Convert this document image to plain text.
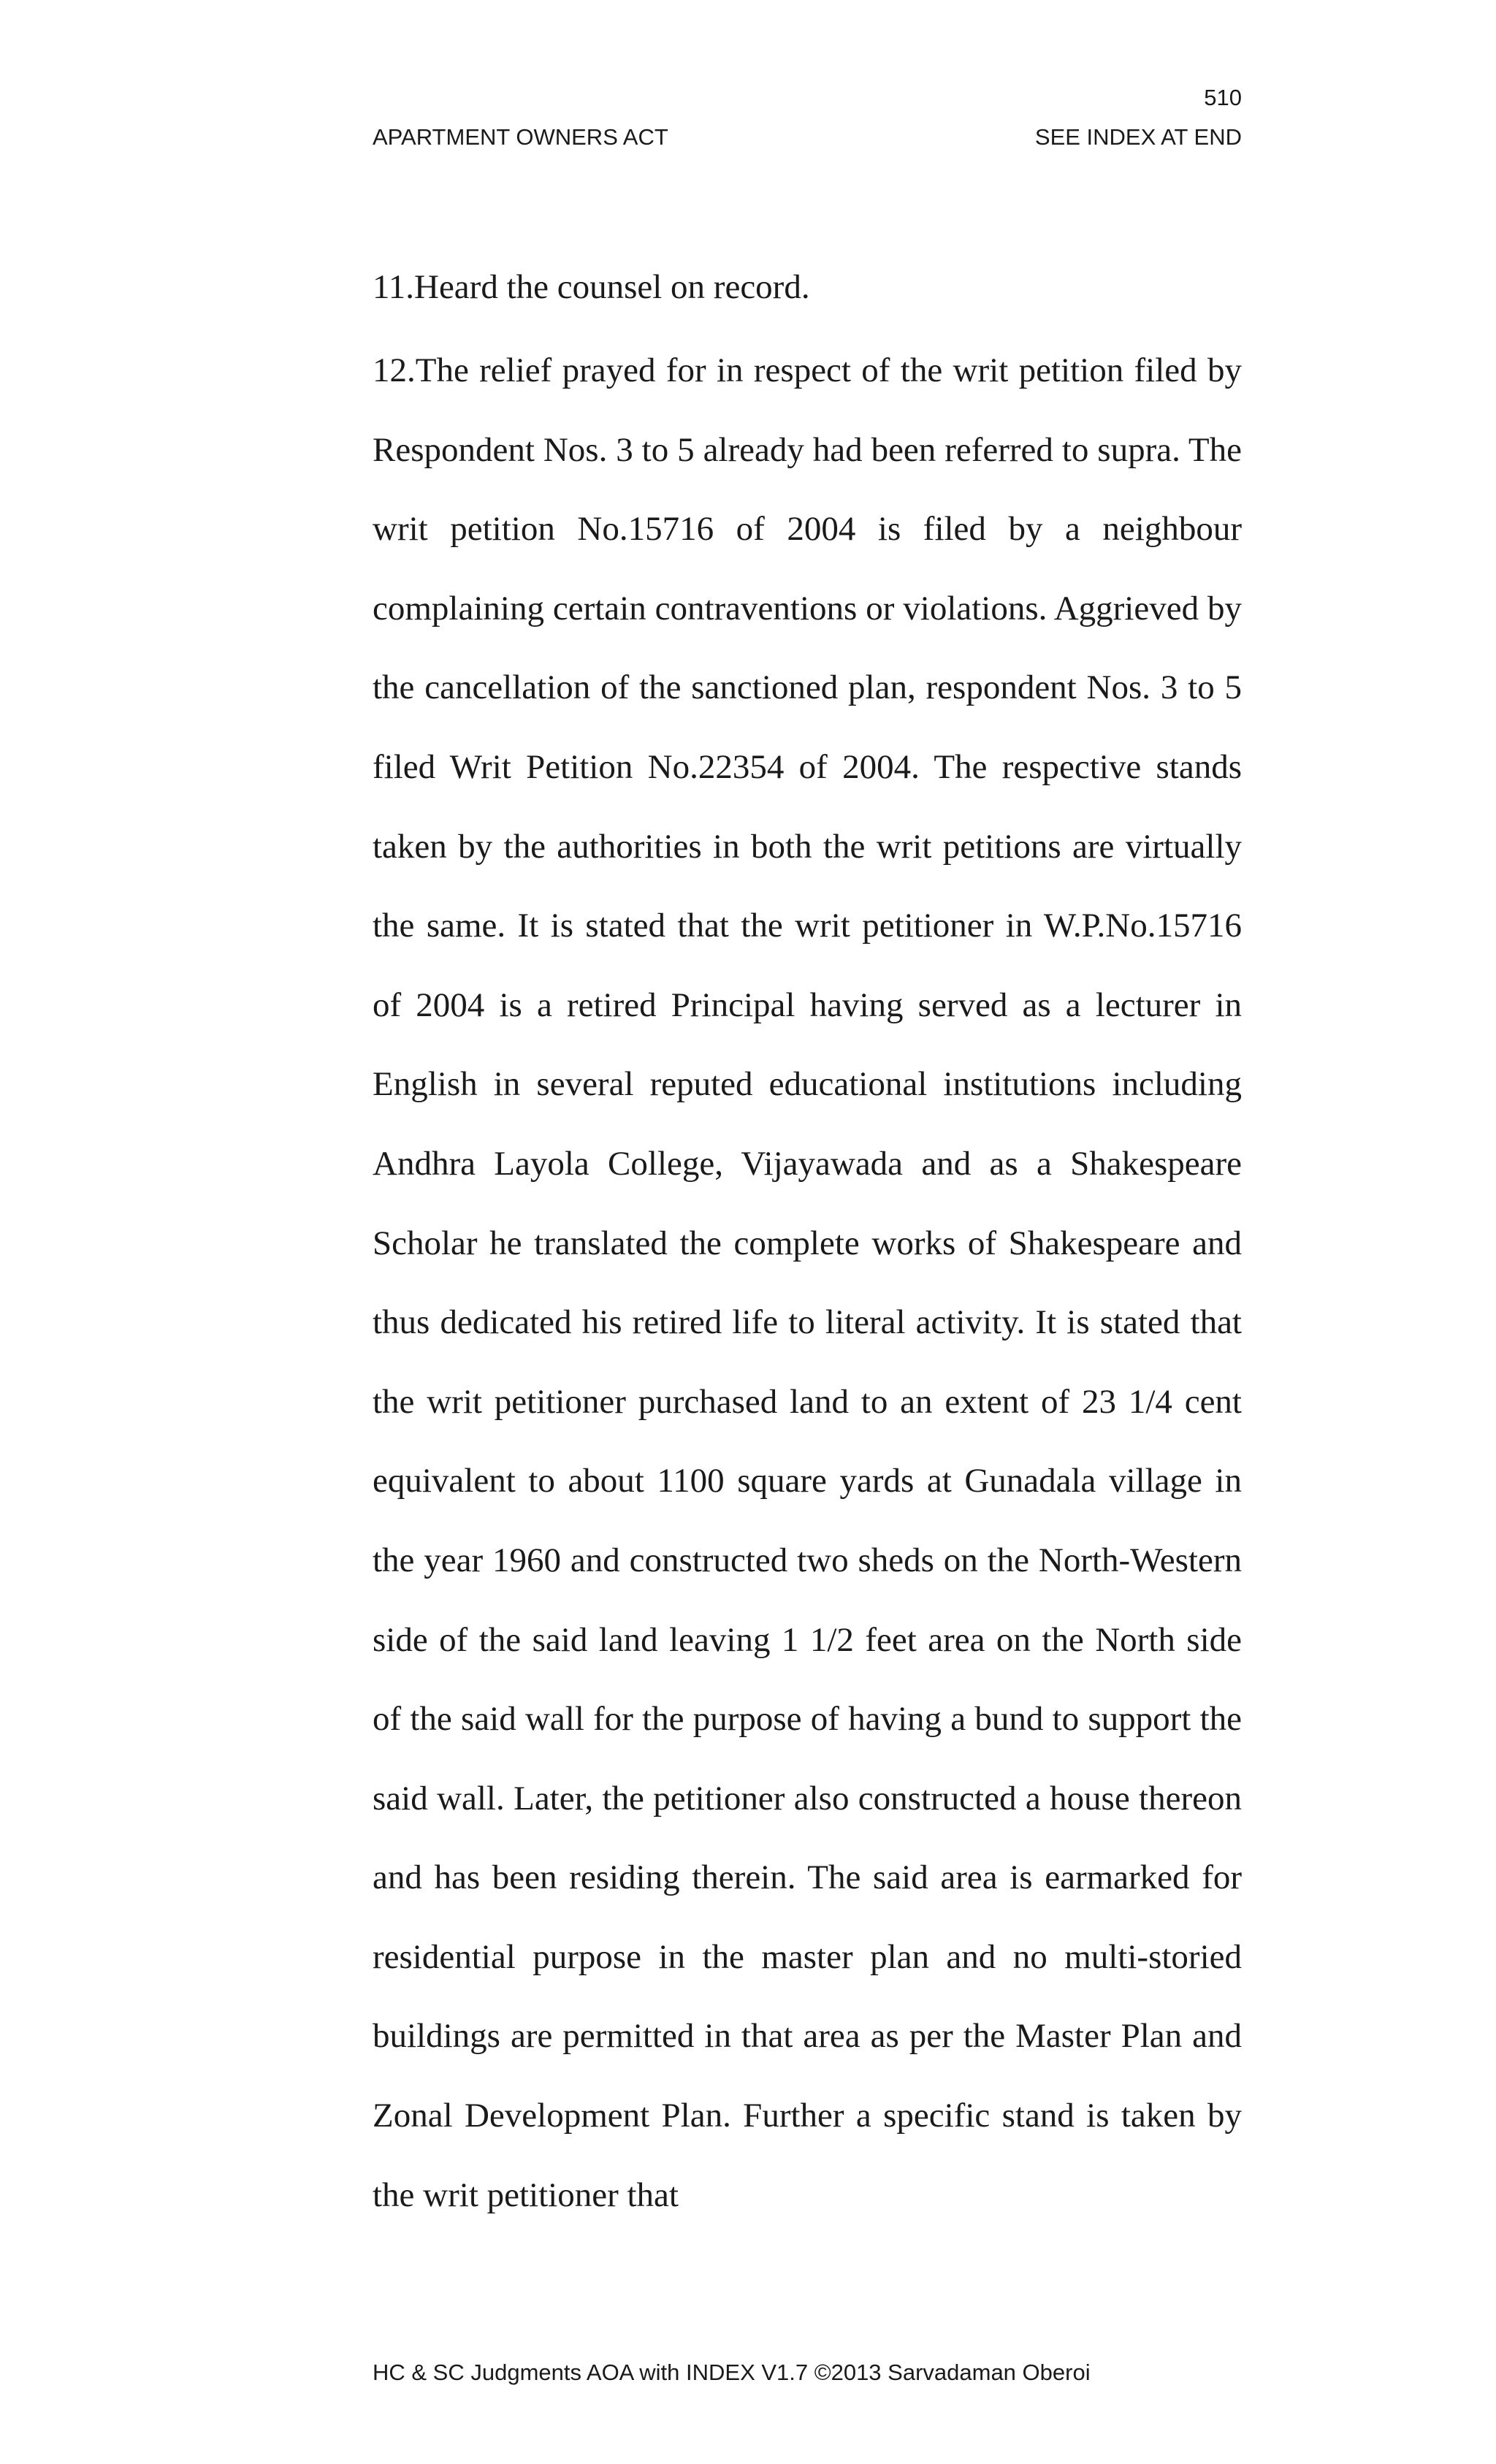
510
APARTMENT OWNERS ACT	SEE INDEX AT END

11.Heard the counsel on record.

12.The relief prayed for in respect of the writ petition filed by Respondent Nos. 3 to 5 already had been referred to supra. The writ petition No.15716 of 2004 is filed by a neighbour complaining certain contraventions or violations. Aggrieved by the cancellation of the sanctioned plan, respondent Nos. 3 to 5 filed Writ Petition No.22354 of 2004. The respective stands taken by the authorities in both the writ petitions are virtually the same. It is stated that the writ petitioner in W.P.No.15716 of 2004 is a retired Principal having served as a lecturer in English in several reputed educational institutions including Andhra Layola College, Vijayawada and as a Shakespeare Scholar he translated the complete works of Shakespeare and thus dedicated his retired life to literal activity. It is stated that the writ petitioner purchased land to an extent of 23 1/4 cent equivalent to about 1100 square yards at Gunadala village in the year 1960 and constructed two sheds on the North-Western side of the said land leaving 1 1/2 feet area on the North side of the said wall for the purpose of having a bund to support the said wall. Later, the petitioner also constructed a house thereon and has been residing therein. The said area is earmarked for residential purpose in the master plan and no multi-storied buildings are permitted in that area as per the Master Plan and Zonal Development Plan. Further a specific stand is taken by the writ petitioner that

HC & SC Judgments AOA with INDEX V1.7 ©2013 Sarvadaman Oberoi
